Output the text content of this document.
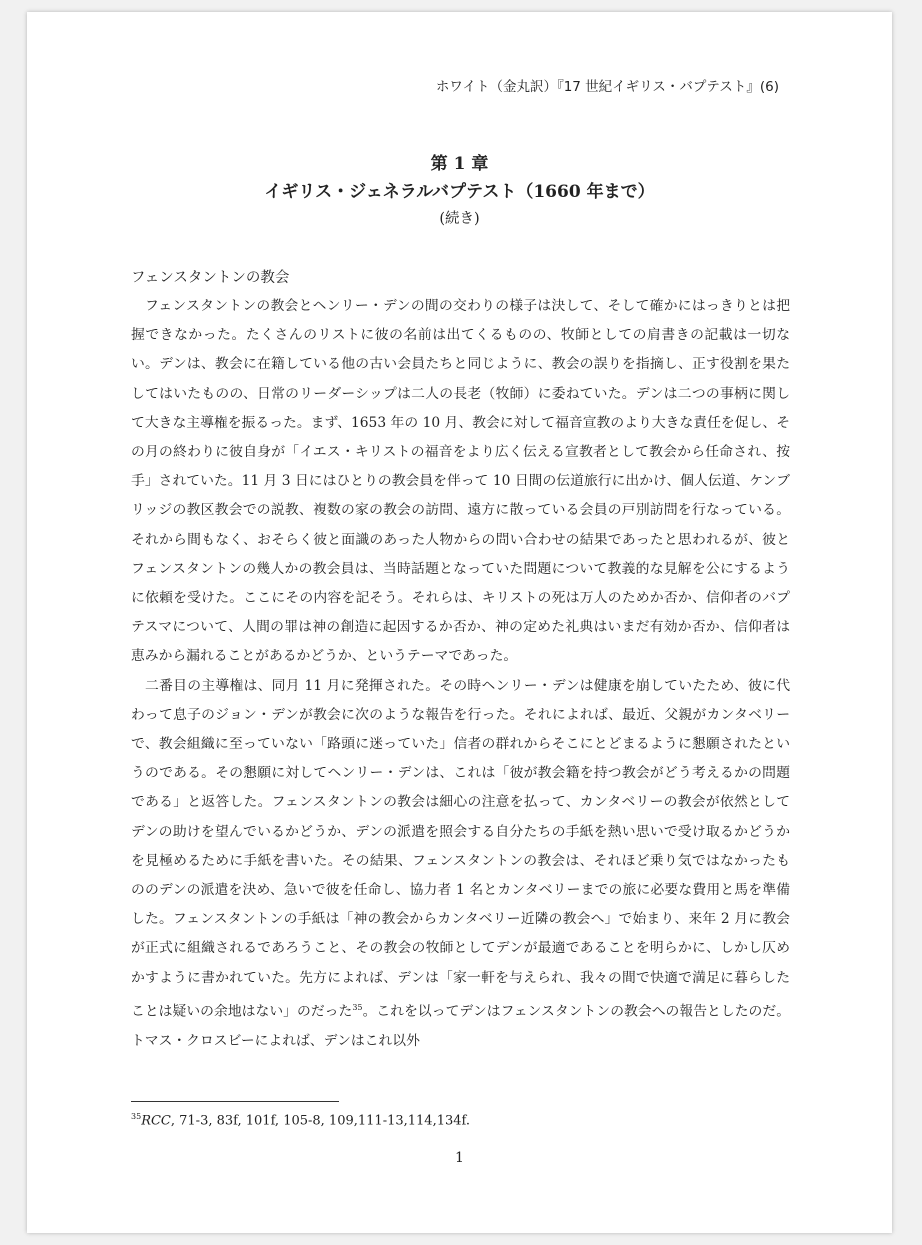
ホワイト（金丸訳）『17 世紀イギリス・バプテスト』(6)
第 1 章
イギリス・ジェネラルバプテスト（1660 年まで）
(続き)

フェンスタントンの教会

フェンスタントンの教会とヘンリー・デンの間の交わりの様子は決して、そして確かにはっきりとは把握できなかった。たくさんのリストに彼の名前は出てくるものの、牧師としての肩書きの記載は一切ない。デンは、教会に在籍している他の古い会員たちと同じように、教会の誤りを指摘し、正す役割を果たしてはいたものの、日常のリーダーシップは二人の長老（牧師）に委ねていた。デンは二つの事柄に関して大きな主導権を振るった。まず、1653 年の 10 月、教会に対して福音宣教のより大きな責任を促し、その月の終わりに彼自身が「イエス・キリストの福音をより広く伝える宣教者として教会から任命され、按手」されていた。11 月 3 日にはひとりの教会員を伴って 10 日間の伝道旅行に出かけ、個人伝道、ケンブリッジの教区教会での説教、複数の家の教会の訪問、遠方に散っている会員の戸別訪問を行なっている。それから間もなく、おそらく彼と面識のあった人物からの問い合わせの結果であったと思われるが、彼とフェンスタントンの幾人かの教会員は、当時話題となっていた問題について教義的な見解を公にするように依頼を受けた。ここにその内容を記そう。それらは、キリストの死は万人のためか否か、信仰者のバプテスマについて、人間の罪は神の創造に起因するか否か、神の定めた礼典はいまだ有効か否か、信仰者は恵みから漏れることがあるかどうか、というテーマであった。

二番目の主導権は、同月 11 月に発揮された。その時ヘンリー・デンは健康を崩していたため、彼に代わって息子のジョン・デンが教会に次のような報告を行った。それによれば、最近、父親がカンタベリーで、教会組織に至っていない「路頭に迷っていた」信者の群れからそこにとどまるように懇願されたというのである。その懇願に対してヘンリー・デンは、これは「彼が教会籍を持つ教会がどう考えるかの問題である」と返答した。フェンスタントンの教会は細心の注意を払って、カンタベリーの教会が依然としてデンの助けを望んでいるかどうか、デンの派遣を照会する自分たちの手紙を熱い思いで受け取るかどうかを見極めるために手紙を書いた。その結果、フェンスタントンの教会は、それほど乗り気ではなかったもののデンの派遣を決め、急いで彼を任命し、協力者 1 名とカンタベリーまでの旅に必要な費用と馬を準備した。フェンスタントンの手紙は「神の教会からカンタベリー近隣の教会へ」で始まり、来年 2 月に教会が正式に組織されるであろうこと、その教会の牧師としてデンが最適であることを明らかに、しかし仄めかすように書かれていた。先方によれば、デンは「家一軒を与えられ、我々の間で快適で満足に暮らしたことは疑いの余地はない」のだった$^{35}$。これを以ってデンはフェンスタントンの教会への報告としたのだ。トマス・クロスビーによれば、デンはこれ以外

$^{35}$RCC, 71-3, 83f, 101f, 105-8, 109,111-13,114,134f.
1
